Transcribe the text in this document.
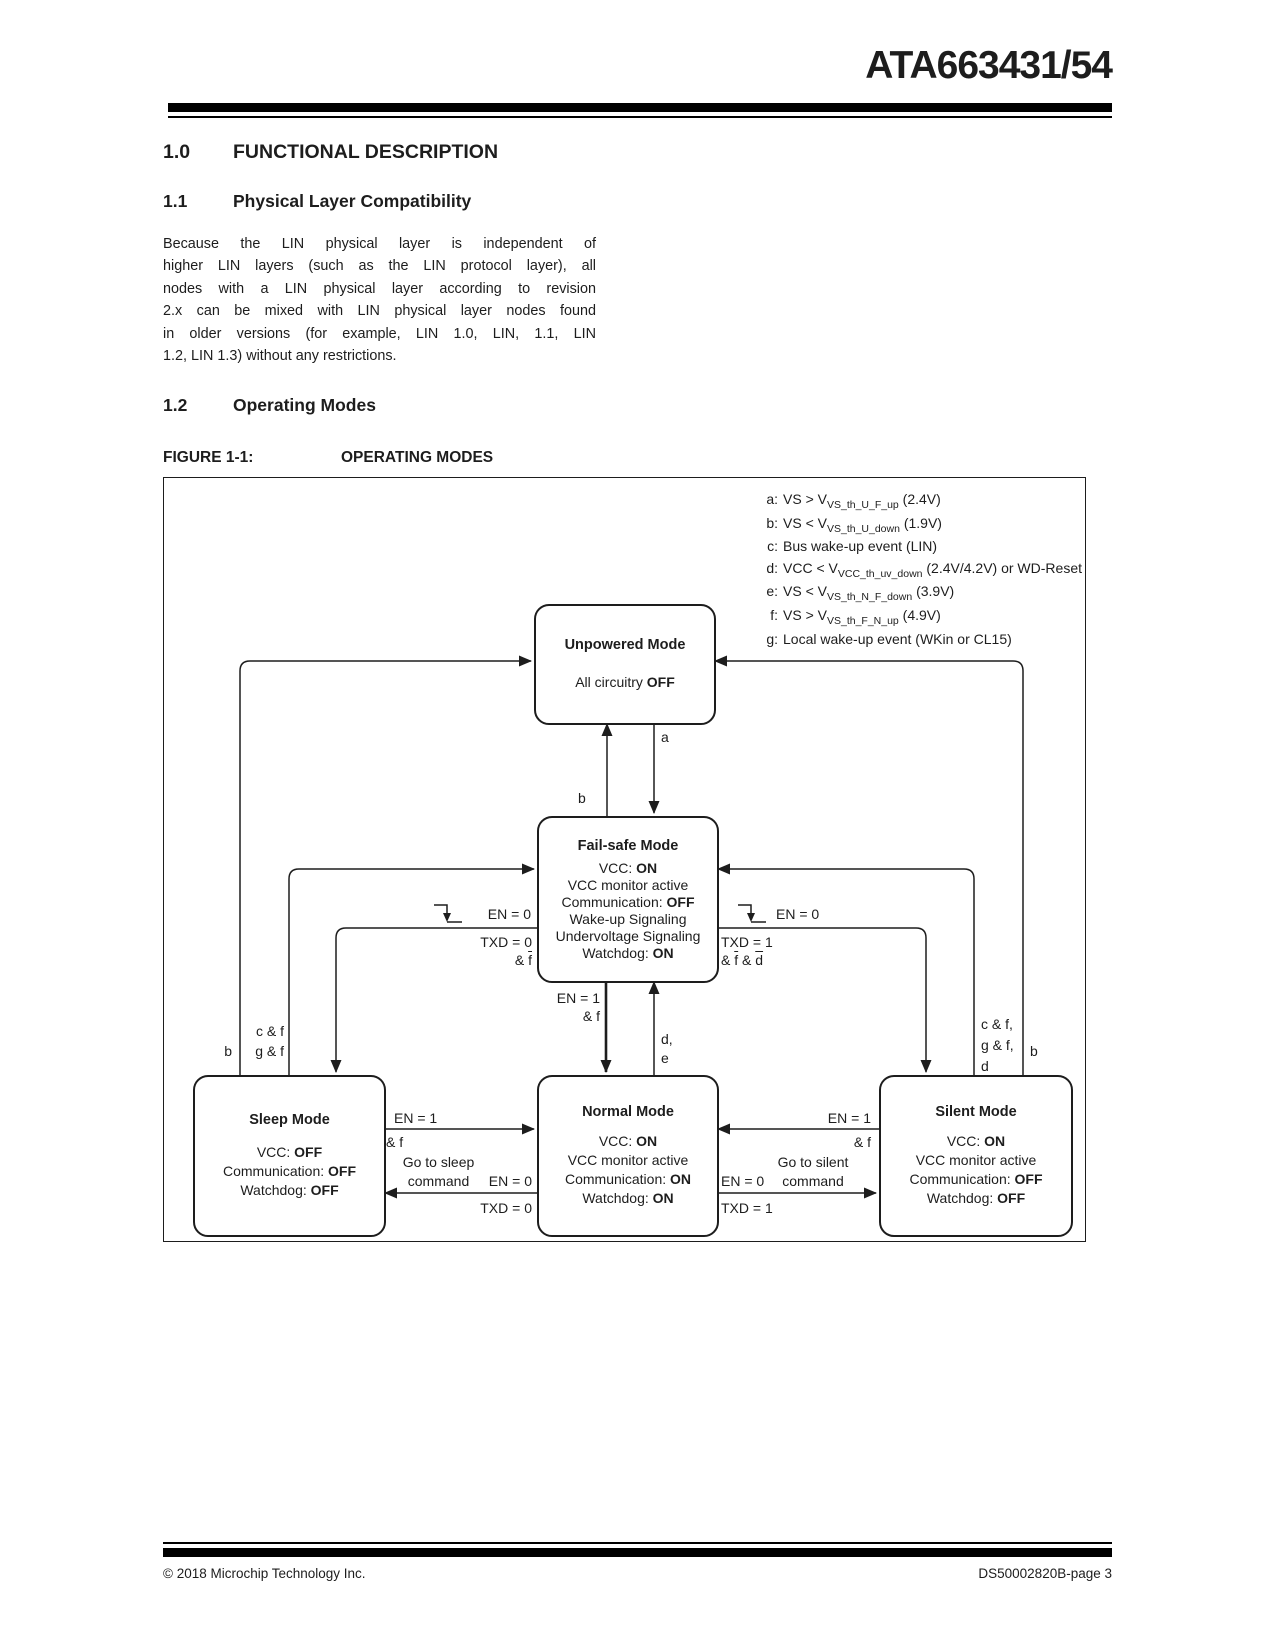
ATA663431/54
1.0 FUNCTIONAL DESCRIPTION
1.1	Physical Layer Compatibility
Because the LIN physical layer is independent of
higher LIN layers (such as the LIN protocol layer), all
nodes with a LIN physical layer according to revision
2.x can be mixed with LIN physical layer nodes found
in older versions (for example, LIN 1.0, LIN, 1.1, LIN
1.2, LIN 1.3) without any restrictions.
1.2	Operating Modes
FIGURE 1-1:	OPERATING MODES
a: VS > $V_{VS\_th\_U\_F\_up}$ (2.4V)
b: VS < $V_{VS\_th\_U\_down}$ (1.9V)
c: Bus wake-up event (LIN)
d: VCC < $V_{VCC\_th\_uv\_down}$ (2.4V/4.2V) or WD-Reset
e: VS < $V_{VS\_th\_N\_F\_down}$ (3.9V)
f: VS > $V_{VS\_th\_F\_N\_up}$ (4.9V)
g: Local wake-up event (WKin or CL15)
Unpowered Mode
All circuitry OFF
Fail-safe Mode
VCC: ON
VCC monitor active
Communication: OFF
Wake-up Signaling
Undervoltage Signaling
Watchdog: ON
Sleep Mode
VCC: OFF
Communication: OFF
Watchdog: OFF
Normal Mode
VCC: ON
VCC monitor active
Communication: ON
Watchdog: ON
Silent Mode
VCC: ON
VCC monitor active
Communication: OFF
Watchdog: OFF
a
b
b
c & f
g & f
c & f,
g & f,
d
b
EN = 0
TXD = 0
& $\overline{f}$
EN = 0
TXD = 1
& $\overline{f}$ & $\overline{d}$
EN = 1
& f
d,
e
EN = 1
& f
Go to sleep
command	EN = 0
TXD = 0
EN = 1
& f
Go to silent
command
EN = 0
TXD = 1
© 2018 Microchip Technology Inc.	DS50002820B-page 3
